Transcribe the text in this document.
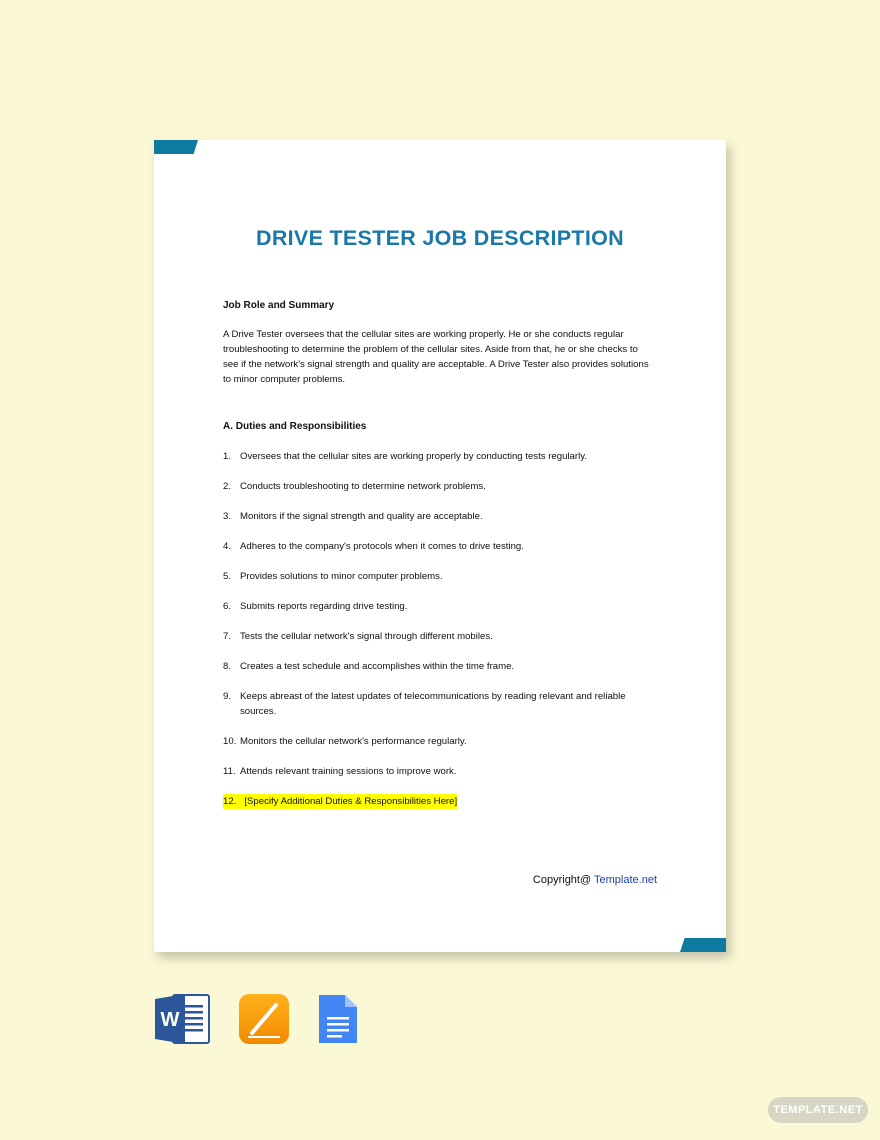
DRIVE TESTER JOB DESCRIPTION

Job Role and Summary

A Drive Tester oversees that the cellular sites are working properly. He or she conducts regular
troubleshooting to determine the problem of the cellular sites. Aside from that, he or she checks to
see if the network's signal strength and quality are acceptable. A Drive Tester also provides solutions
to minor computer problems.

A. Duties and Responsibilities

1. Oversees that the cellular sites are working properly by conducting tests regularly.
2. Conducts troubleshooting to determine network problems.
3. Monitors if the signal strength and quality are acceptable.
4. Adheres to the company's protocols when it comes to drive testing.
5. Provides solutions to minor computer problems.
6. Submits reports regarding drive testing.
7. Tests the cellular network's signal through different mobiles.
8. Creates a test schedule and accomplishes within the time frame.
9. Keeps abreast of the latest updates of telecommunications by reading relevant and reliable sources.
10. Monitors the cellular network's performance regularly.
11. Attends relevant training sessions to improve work.
12. [Specify Additional Duties & Responsibilities Here]
Copyright@ Template.net
W
TEMPLATE.NET
